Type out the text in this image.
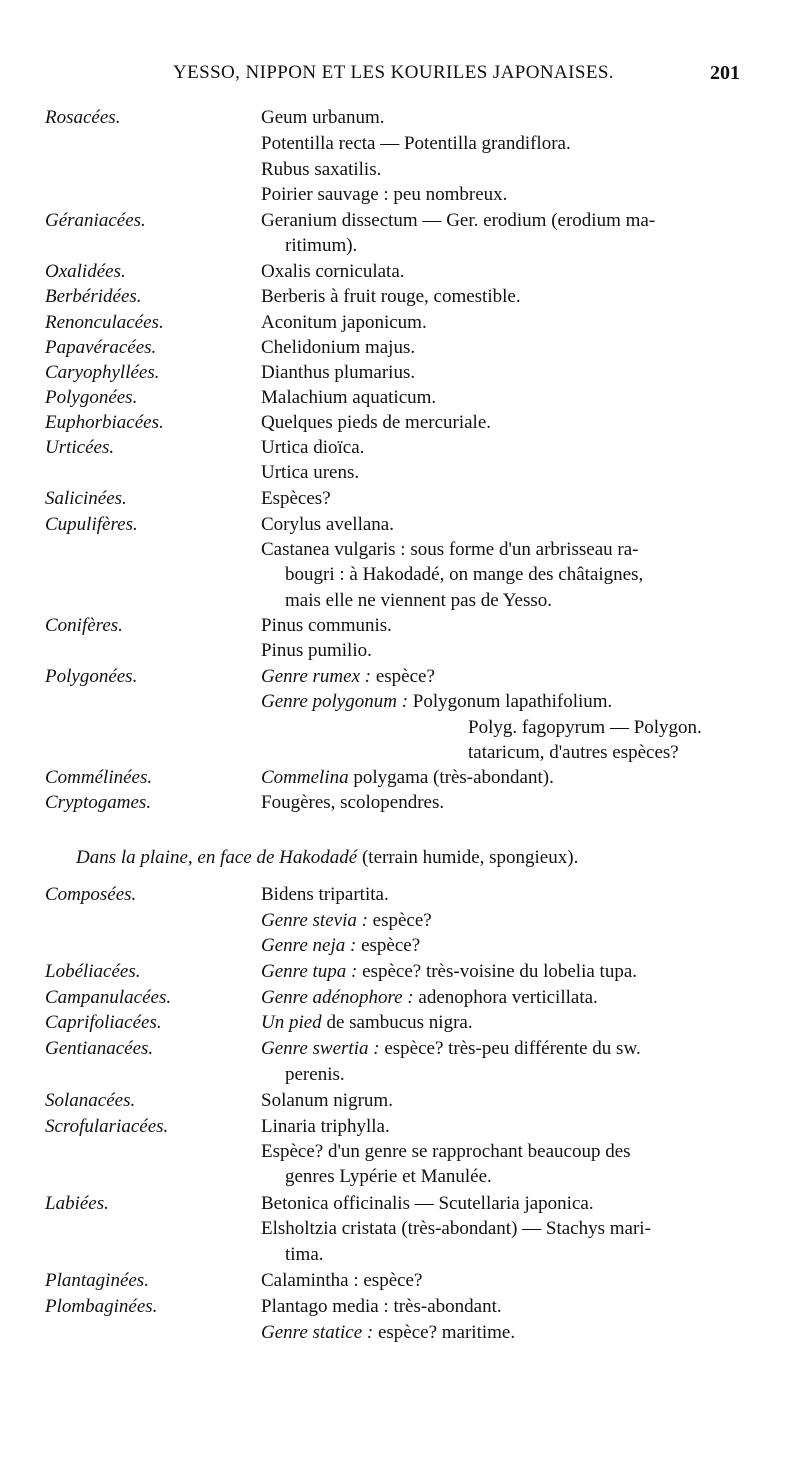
YESSO, NIPPON ET LES KOURILES JAPONAISES.	201
Rosacées.	Geum urbanum.
Potentilla recta — Potentilla grandiflora.
Rubus saxatilis.
Poirier sauvage : peu nombreux.
Géraniacées.	Geranium dissectum — Ger. erodium (erodium ma-
ritimum).
Oxalidées.	Oxalis corniculata.
Berbéridées.	Berberis à fruit rouge, comestible.
Renonculacées.	Aconitum japonicum.
Papavéracées.	Chelidonium majus.
Caryophyllées.	Dianthus plumarius.
Polygonées.	Malachium aquaticum.
Euphorbiacées.	Quelques pieds de mercuriale.
Urticées.	Urtica dioïca.
Urtica urens.
Salicinées.	Espèces?
Cupulifères.	Corylus avellana.
Castanea vulgaris : sous forme d'un arbrisseau ra-
bougri : à Hakodadé, on mange des châtaignes,
mais elle ne viennent pas de Yesso.
Conifères.	Pinus communis.
Pinus pumilio.
Polygonées.	Genre rumex : espèce?
Genre polygonum : Polygonum lapathifolium.
Polyg. fagopyrum — Polygon.
tataricum, d'autres espèces?
Commélinées.	Commelina polygama (très-abondant).
Cryptogames.	Fougères, scolopendres.
Dans la plaine, en face de Hakodadé (terrain humide, spongieux).
Composées.	Bidens tripartita.
Genre stevia : espèce?
Genre neja : espèce?
Lobéliacées.	Genre tupa : espèce? très-voisine du lobelia tupa.
Campanulacées.	Genre adénophore : adenophora verticillata.
Caprifoliacées.	Un pied de sambucus nigra.
Gentianacées.	Genre swertia : espèce? très-peu différente du sw.
perenis.
Solanacées.	Solanum nigrum.
Scrofulariacées.	Linaria triphylla.
Espèce? d'un genre se rapprochant beaucoup des
genres Lypérie et Manulée.
Labiées.	Betonica officinalis — Scutellaria japonica.
Elsholtzia cristata (très-abondant) — Stachys mari-
tima.
Plantaginées.	Calamintha : espèce?
Plombaginées.	Plantago media : très-abondant.
Genre statice : espèce? maritime.
